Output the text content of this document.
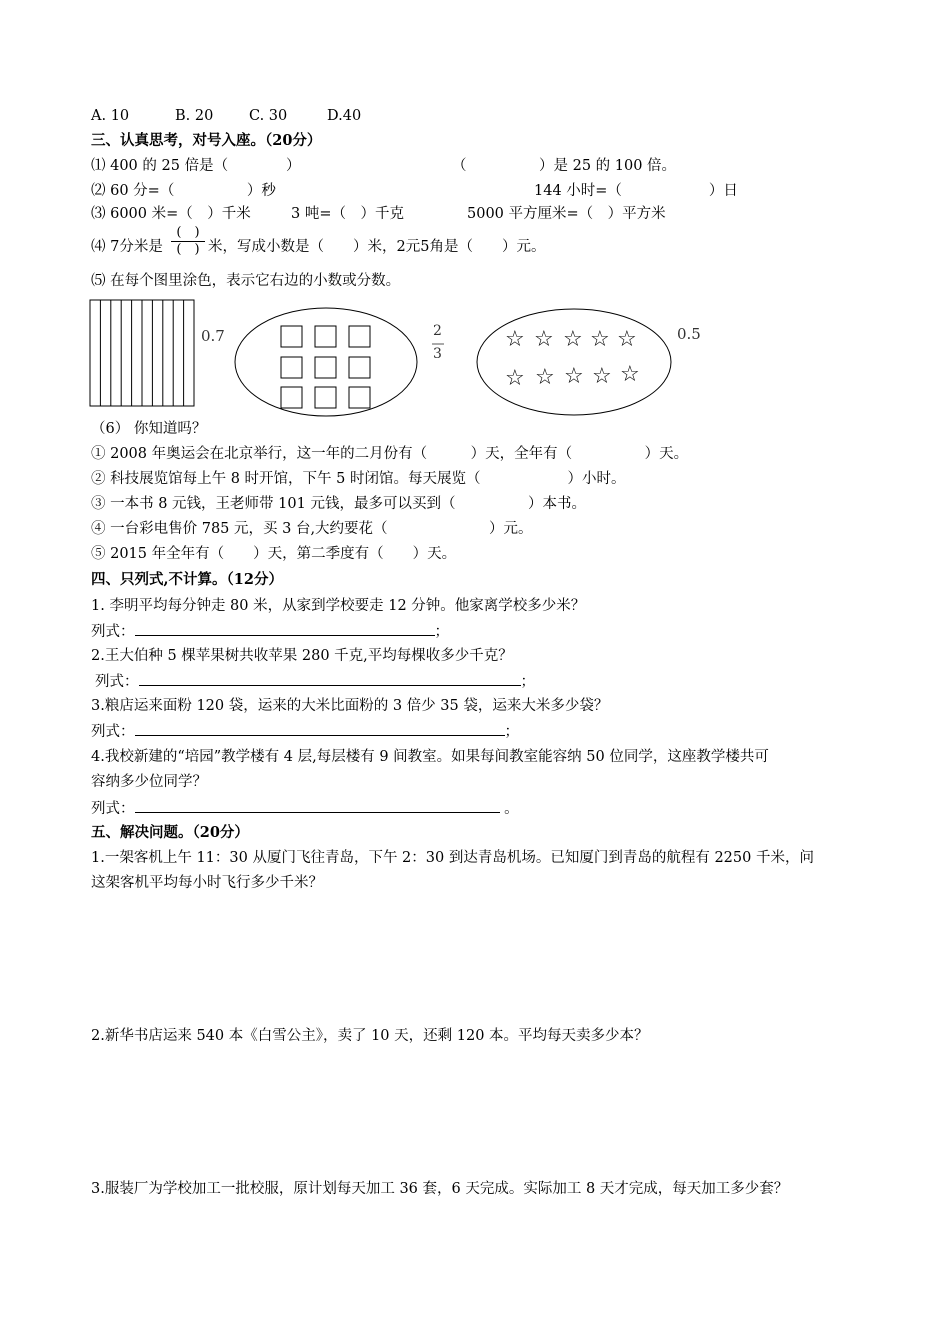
A. 10	B. 20 C. 30	D.40
三、认真思考，对号入座。（20分）
⑴ 400 的 25 倍是（　　　　）	（　　　　　）是 25 的 100 倍。
⑵ 60 分=（　　　　　）秒	144 小时=（　　　　　　）日
⑶ 6000 米=（　）千米	3 吨=（　）千克	5000 平方厘米=（　）平方米
⑷ 7分米是
(　)
(　) 米，写成小数是（　　）米，2元5角是（　　）元。
⑸ 在每个图里涂色，表示它右边的小数或分数。
0.7	2
3
0.5
☆ ☆ ☆ ☆ ☆
☆ ☆ ☆ ☆ ☆
（6） 你知道吗？
① 2008 年奥运会在北京举行，这一年的二月份有（　　　）天，全年有（　　　　　）天。
② 科技展览馆每上午 8 时开馆，下午 5 时闭馆。每天展览（　　　　　　）小时。
③ 一本书 8 元钱，王老师带 101 元钱，最多可以买到（　　　　　）本书。
④ 一台彩电售价 785 元，买 3 台,大约要花（　　　　　　　）元。
⑤ 2015 年全年有（　　）天，第二季度有（　　）天。
四、只列式,不计算。（12分）
1. 李明平均每分钟走 80 米，从家到学校要走 12 分钟。他家离学校多少米？
列式：	；
2.王大伯种 5 棵苹果树共收苹果 280 千克,平均每棵收多少千克？
列式：	；
3.粮店运来面粉 120 袋，运来的大米比面粉的 3 倍少 35 袋，运来大米多少袋？
列式：	；
4.我校新建的“培园”教学楼有 4 层,每层楼有 9 间教室。如果每间教室能容纳 50 位同学，这座教学楼共可
容纳多少位同学？
列式：	。
五、解决问题。（20分）
1.一架客机上午 11：30 从厦门飞往青岛，下午 2：30 到达青岛机场。已知厦门到青岛的航程有 2250 千米，问
这架客机平均每小时飞行多少千米？
2.新华书店运来 540 本《白雪公主》，卖了 10 天，还剩 120 本。平均每天卖多少本？
3.服装厂为学校加工一批校服，原计划每天加工 36 套，6 天完成。实际加工 8 天才完成，每天加工多少套？
